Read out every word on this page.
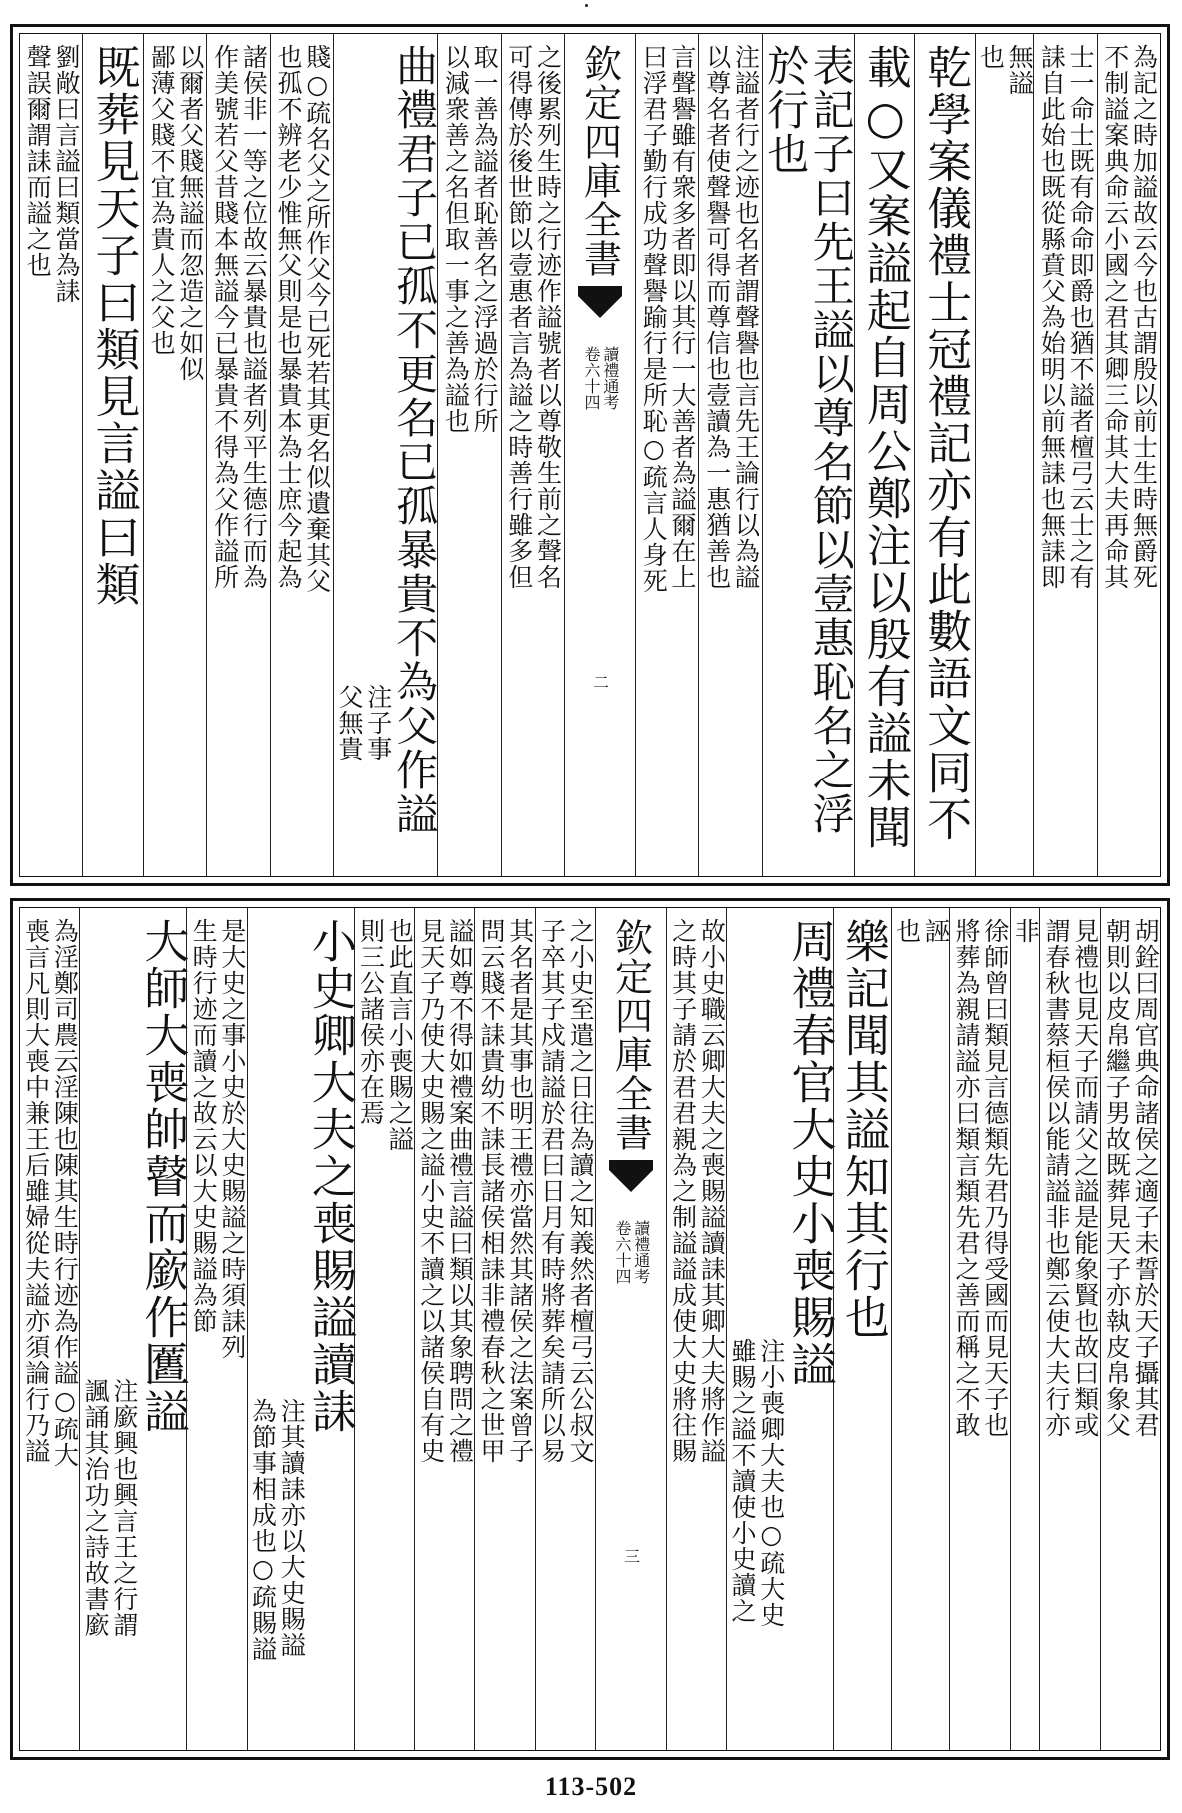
為記之時加謚故云今也古謂殷以前士生時無爵死
不制謚案典命云小國之君其卿三命其大夫再命其
士一命士既有命命即爵也猶不謚者檀弓云士之有
誄自此始也既從縣賁父為始明以前無誄也無誄即
無謚
也
乾學案儀禮士冠禮記亦有此數語文同不
載○又案謚起自周公鄭注以殷有謚未聞
表記子曰先王謚以尊名節以壹惠恥名之浮於行也
注謚者行之迹也名者謂聲譽也言先王論行以為謚
以尊名者使聲譽可得而尊信也壹讀為一惠猶善也
言聲譽雖有衆多者即以其行一大善者為謚爾在上
曰浮君子勤行成功聲譽踰行是所恥○疏言人身死
欽定四庫全書
讀禮通考
卷六十四
二
之後累列生時之行迹作謚號者以尊敬生前之聲名
可得傳於後世節以壹惠者言為謚之時善行雖多但
取一善為謚者恥善名之浮過於行所
以減衆善之名但取一事之善為謚也
曲禮君子已孤不更名已孤暴貴不為父作謚
注子事
父無貴
賤○疏名父之所作父今已死若其更名似遺棄其父
也孤不辨老少惟無父則是也暴貴本為士庶今起為
諸侯非一等之位故云暴貴也謚者列平生德行而為
作美號若父昔賤本無謚今已暴貴不得為父作謚所
以爾者父賤無謚而忽造之如似
鄙薄父賤不宜為貴人之父也
既葬見天子曰類見言謚曰類
劉敞曰言謚曰類當為誄
聲誤爾謂誄而謚之也
胡銓曰周官典命諸侯之適子未誓於天子攝其君
朝則以皮帛繼子男故既葬見天子亦執皮帛象父
見禮也見天子而請父之謚是能象賢也故曰類或
謂春秋書蔡桓侯以能請謚非也鄭云使大夫行亦
非
徐師曾曰類見言德類先君乃得受國而見天子也
將葬為親請謚亦曰類言類先君之善而稱之不敢
誣
也
樂記聞其謚知其行也
周禮春官大史小喪賜謚
注小喪卿大夫也○疏大史
雖賜之謚不讀使小史讀之
故小史職云卿大夫之喪賜謚讀誄其卿大夫將作謚
之時其子請於君君親為之制謚謚成使大史將往賜
欽定四庫全書
讀禮通考
卷六十四
三
之小史至遣之日往為讀之知義然者檀弓云公叔文
子卒其子戍請謚於君曰日月有時將葬矣請所以易
其名者是其事也明王禮亦當然其諸侯之法案曾子
問云賤不誄貴幼不誄長諸侯相誄非禮春秋之世甲
謚如尊不得如禮案曲禮言謚曰類以其象聘問之禮
見天子乃使大史賜之謚小史不讀之以諸侯自有史
也此直言小喪賜之謚
則三公諸侯亦在焉
小史卿大夫之喪賜謚讀誄
注其讀誄亦以大史賜謚
為節事相成也○疏賜謚
是大史之事小史於大史賜謚之時須誄列
生時行迹而讀之故云以大史賜謚為節
大師大喪帥瞽而廞作匶謚
注廞興也興言王之行謂
諷誦其治功之詩故書廞
為淫鄭司農云淫陳也陳其生時行迹為作謚○疏大
喪言凡則大喪中兼王后雖婦從夫謚亦須論行乃謚
113-502
